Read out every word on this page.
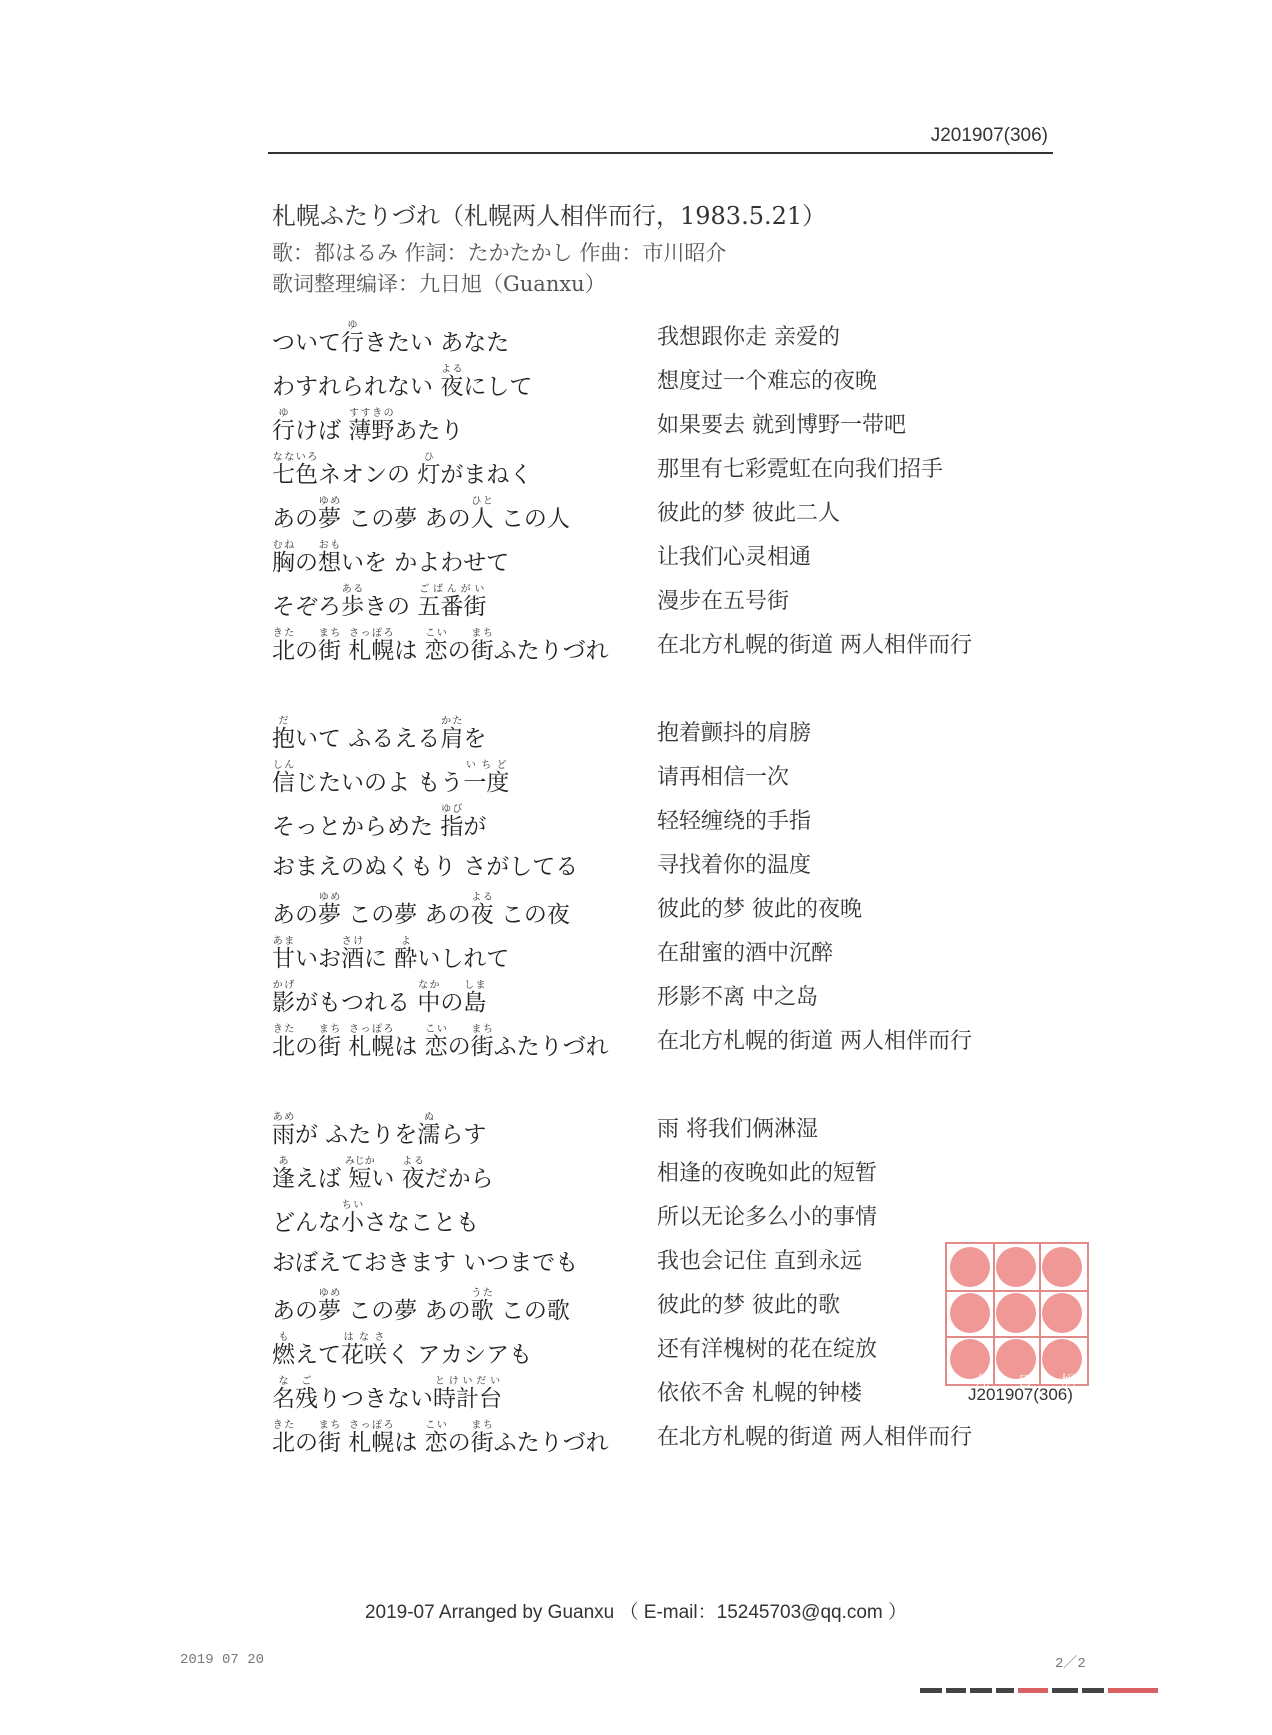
J201907(306)
札幌ふたりづれ（札幌两人相伴而行，1983.5.21）
歌：都はるみ 作詞：たかたかし 作曲：市川昭介
歌词整理编译：九日旭（Guanxu）
ついて行ゆきたい あなた	我想跟你走 亲爱的
わすれられない 夜よるにして	想度过一个难忘的夜晚
行ゆけば 薄野すすきのあたり	如果要去 就到博野一带吧
七色なないろネオンの 灯ひがまねく	那里有七彩霓虹在向我们招手
あの夢ゆめ この夢 あの人ひと この人	彼此的梦 彼此二人
胸むねの想おもいを かよわせて	让我们心灵相通
そぞろ歩あるきの 五番街ごばんがい	漫步在五号街
北きたの街まち 札幌さっぽろは 恋こいの街まちふたりづれ 在北方札幌的街道 两人相伴而行
抱だいて ふるえる肩かたを	抱着颤抖的肩膀
信しんじたいのよ もう一度いちど	请再相信一次
そっとからめた 指ゆびが	轻轻缠绕的手指
おまえのぬくもり さがしてる	寻找着你的温度
あの夢ゆめ この夢 あの夜よる この夜	彼此的梦 彼此的夜晚
甘あまいお酒さけに 酔よいしれて	在甜蜜的酒中沉醉
影かげがもつれる 中なかの島しま	形影不离 中之岛
北きたの街まち 札幌さっぽろは 恋こいの街まちふたりづれ 在北方札幌的街道 两人相伴而行
雨あめが ふたりを濡ぬらす	雨 将我们俩淋湿
逢あえば 短みじかい 夜よるだから	相逢的夜晚如此的短暂
どんな小ちいさなことも	所以无论多么小的事情
おぼえておきます いつまでも	我也会记住 直到永远
あの夢ゆめ この夢 あの歌うた この歌	彼此的梦 彼此的歌
燃もえて花咲はなさく アカシアも	还有洋槐树的花在绽放
名残なごりつきない時計台とけいだい	依依不舍 札幌的钟楼
北きたの街まち 札幌さっぽろは 恋こいの街まちふたりづれ 在北方札幌的街道 两人相伴而行
九 日 旭
J201907(306)
2019-07 Arranged by Guanxu （ E-mail：15245703@qq.com ）
2019 07 20	2／2
